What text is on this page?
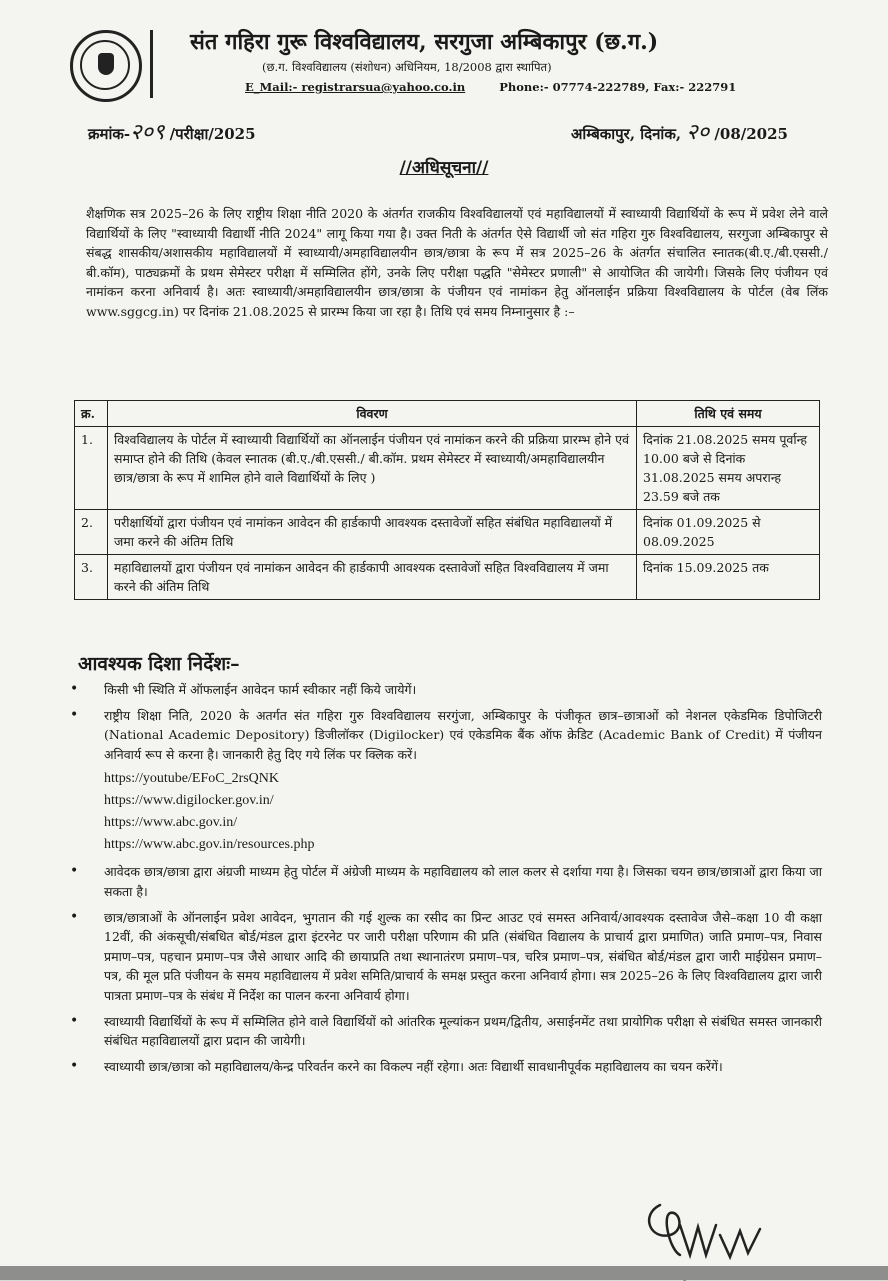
संत गहिरा गुरू विश्वविद्यालय, सरगुजा अम्बिकापुर (छ.ग.)
(छ.ग. विश्वविद्यालय (संशोधन) अधिनियम, 18/2008 द्वारा स्थापित)
E_Mail:- registrarsua@yahoo.co.in	Phone:- 07774-222789, Fax:- 222791
क्रमांक-२०९ /परीक्षा/2025	अम्बिकापुर, दिनांक, २० /08/2025
//अधिसूचना//
शैक्षणिक सत्र 2025–26 के लिए राष्ट्रीय शिक्षा नीति 2020 के अंतर्गत राजकीय विश्वविद्यालयों एवं महाविद्यालयों में स्वाध्यायी विद्यार्थियों के रूप में प्रवेश लेने वाले विद्यार्थियों के लिए "स्वाध्यायी विद्यार्थी नीति 2024" लागू किया गया है। उक्त निती के अंतर्गत ऐसे विद्यार्थी जो संत गहिरा गुरु विश्वविद्यालय, सरगुजा अम्बिकापुर से संबद्ध शासकीय/अशासकीय महाविद्यालयों में स्वाध्यायी/अमहाविद्यालयीन छात्र/छात्रा के रूप में सत्र 2025–26 के अंतर्गत संचालित स्नातक(बी.ए./बी.एससी./बी.कॉम), पाठ्यक्रमों के प्रथम सेमेस्टर परीक्षा में सम्मिलित होंगे, उनके लिए परीक्षा पद्धति "सेमेस्टर प्रणाली" से आयोजित की जायेगी। जिसके लिए पंजीयन एवं नामांकन करना अनिवार्य है। अतः स्वाध्यायी/अमहाविद्यालयीन छात्र/छात्रा के पंजीयन एवं नामांकन हेतु ऑनलाईन प्रक्रिया विश्वविद्यालय के पोर्टल (वेब लिंक www.sggcg.in) पर दिनांक 21.08.2025 से प्रारम्भ किया जा रहा है। तिथि एवं समय निम्नानुसार है :–
क्र.	विवरण	तिथि एवं समय
1.	विश्वविद्यालय के पोर्टल में स्वाध्यायी विद्यार्थियों का ऑनलाईन पंजीयन एवं नामांकन करने की प्रक्रिया प्रारम्भ होने एवं समाप्त होने की तिथि (केवल स्नातक (बी.ए./बी.एससी./ बी.कॉम. प्रथम सेमेस्टर में स्वाध्यायी/अमहाविद्यालयीन छात्र/छात्रा के रूप में शामिल होने वाले विद्यार्थियों के लिए )	दिनांक 21.08.2025 समय पूर्वान्ह 10.00 बजे से दिनांक 31.08.2025 समय अपरान्ह 23.59 बजे तक
2.	परीक्षार्थियों द्वारा पंजीयन एवं नामांकन आवेदन की हार्डकापी आवश्यक दस्तावेजों सहित संबंधित महाविद्यालयों में जमा करने की अंतिम तिथि	दिनांक 01.09.2025 से 08.09.2025
3.	महाविद्यालयों द्वारा पंजीयन एवं नामांकन आवेदन की हार्डकापी आवश्यक दस्तावेजों सहित विश्वविद्यालय में जमा करने की अंतिम तिथि	दिनांक 15.09.2025 तक
आवश्यक दिशा निर्देशः–
• किसी भी स्थिति में ऑफलाईन आवेदन फार्म स्वीकार नहीं किये जायेगें।
• राष्ट्रीय शिक्षा निति, 2020 के अतर्गत संत गहिरा गुरु विश्वविद्यालय सरगुंजा, अम्बिकापुर के पंजीकृत छात्र–छात्राओं को नेशनल एकेडमिक डिपोजिटरी (National Academic Depository) डिजीलॉकर (Digilocker) एवं एकेडमिक बैंक ऑफ क्रेडिट (Academic Bank of Credit) में पंजीयन अनिवार्य रूप से करना है। जानकारी हेतु दिए गये लिंक पर क्लिक करें।
https://youtube/EFoC_2rsQNK
https://www.digilocker.gov.in/
https://www.abc.gov.in/
https://www.abc.gov.in/resources.php
• आवेदक छात्र/छात्रा द्वारा अंग्रजी माध्यम हेतु पोर्टल में अंग्रेजी माध्यम के महाविद्यालय को लाल कलर से दर्शाया गया है। जिसका चयन छात्र/छात्राओं द्वारा किया जा सकता है।
• छात्र/छात्राओं के ऑनलाईन प्रवेश आवेदन, भुगतान की गई शुल्क का रसीद का प्रिन्ट आउट एवं समस्त अनिवार्य/आवश्यक दस्तावेज जैसे–कक्षा 10 वी कक्षा 12वीं, की अंकसूची/संबधित बोर्ड/मंडल द्वारा इंटरनेट पर जारी परीक्षा परिणाम की प्रति (संबंधित विद्यालय के प्राचार्य द्वारा प्रमाणित) जाति प्रमाण–पत्र, निवास प्रमाण–पत्र, पहचान प्रमाण–पत्र जैसे आधार आदि की छायाप्रति तथा स्थानातंरण प्रमाण–पत्र, चरित्र प्रमाण–पत्र, संबंधित बोर्ड/मंडल द्वारा जारी माईग्रेसन प्रमाण–पत्र, की मूल प्रति पंजीयन के समय महाविद्यालय में प्रवेश समिति/प्राचार्य के समक्ष प्रस्तुत करना अनिवार्य होगा। सत्र 2025–26 के लिए विश्वविद्यालय द्वारा जारी पात्रता प्रमाण–पत्र के संबंध में निर्देश का पालन करना अनिवार्य होगा।
• स्वाध्यायी विद्यार्थियों के रूप में सम्मिलित होने वाले विद्यार्थियों को आंतरिक मूल्यांकन प्रथम/द्वितीय, असाईनमेंट तथा प्रायोगिक परीक्षा से संबंधित समस्त जानकारी संबंधित महाविद्यालयों द्वारा प्रदान की जायेगी।
• स्वाध्यायी छात्र/छात्रा को महाविद्यालय/केन्द्र परिवर्तन करने का विकल्प नहीं रहेगा। अतः विद्यार्थी सावधानीपूर्वक महाविद्यालय का चयन करेंगें।
